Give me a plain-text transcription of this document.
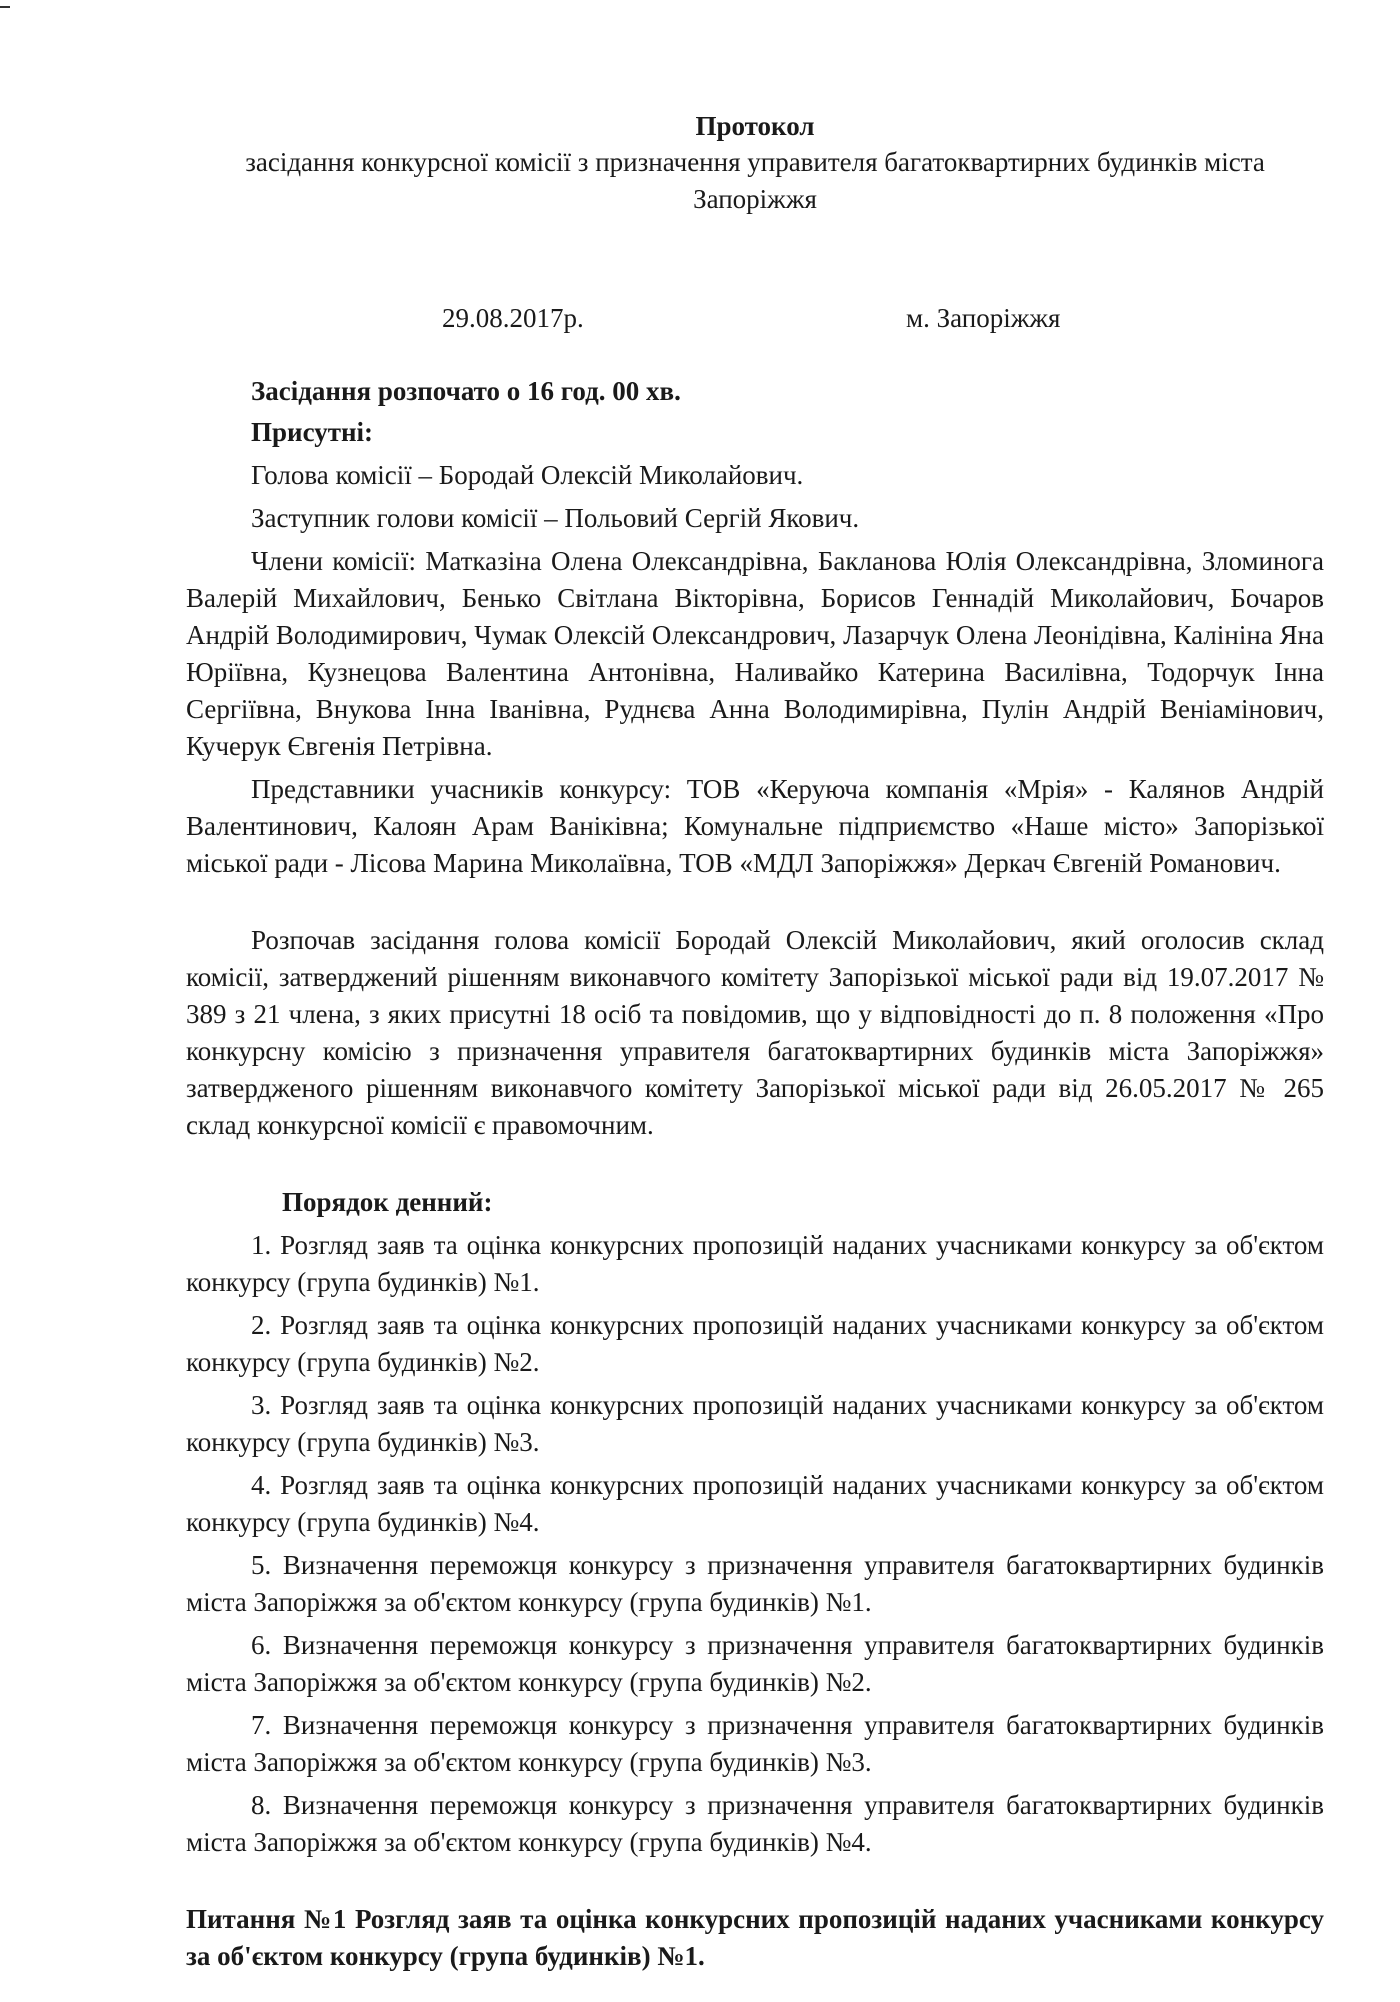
Протокол

засідання конкурсної комісії з призначення управителя багатоквартирних будинків міста Запоріжжя

29.08.2017р.	м. Запоріжжя
Засідання розпочато о 16 год. 00 хв.
Присутні:
Голова комісії – Бородай Олексій Миколайович.
Заступник голови комісії – Польовий Сергій Якович.

Члени комісії: Матказіна Олена Олександрівна, Бакланова Юлія Олександрівна, Зломинога Валерій Михайлович, Бенько Світлана Вікторівна, Борисов Геннадій Миколайович, Бочаров Андрій Володимирович, Чумак Олексій Олександрович, Лазарчук Олена Леонідівна, Калініна Яна Юріївна, Кузнецова Валентина Антонівна, Наливайко Катерина Василівна, Тодорчук Інна Сергіївна, Внукова Інна Іванівна, Руднєва Анна Володимирівна, Пулін Андрій Веніамінович, Кучерук Євгенія Петрівна.

Представники учасників конкурсу: ТОВ «Керуюча компанія «Мрія» - Калянов Андрій Валентинович, Калоян Арам Ваніківна; Комунальне підприємство «Наше місто» Запорізької міської ради - Лісова Марина Миколаївна, ТОВ «МДЛ Запоріжжя» Деркач Євгеній Романович.

Розпочав засідання голова комісії Бородай Олексій Миколайович, який оголосив склад комісії, затверджений рішенням виконавчого комітету Запорізької міської ради від 19.07.2017 № 389 з 21 члена, з яких присутні 18 осіб та повідомив, що у відповідності до п. 8 положення «Про конкурсну комісію з призначення управителя багатоквартирних будинків міста Запоріжжя» затвердженого рішенням виконавчого комітету Запорізької міської ради від 26.05.2017 № 265 склад конкурсної комісії є правомочним.

Порядок денний:
1. Розгляд заяв та оцінка конкурсних пропозицій наданих учасниками конкурсу за об'єктом конкурсу (група будинків) №1.
2. Розгляд заяв та оцінка конкурсних пропозицій наданих учасниками конкурсу за об'єктом конкурсу (група будинків) №2.
3. Розгляд заяв та оцінка конкурсних пропозицій наданих учасниками конкурсу за об'єктом конкурсу (група будинків) №3.
4. Розгляд заяв та оцінка конкурсних пропозицій наданих учасниками конкурсу за об'єктом конкурсу (група будинків) №4.
5. Визначення переможця конкурсу з призначення управителя багатоквартирних будинків міста Запоріжжя за об'єктом конкурсу (група будинків) №1.
6. Визначення переможця конкурсу з призначення управителя багатоквартирних будинків міста Запоріжжя за об'єктом конкурсу (група будинків) №2.
7. Визначення переможця конкурсу з призначення управителя багатоквартирних будинків міста Запоріжжя за об'єктом конкурсу (група будинків) №3.
8. Визначення переможця конкурсу з призначення управителя багатоквартирних будинків міста Запоріжжя за об'єктом конкурсу (група будинків) №4.

Питання №1 Розгляд заяв та оцінка конкурсних пропозицій наданих учасниками конкурсу за об'єктом конкурсу (група будинків) №1.
